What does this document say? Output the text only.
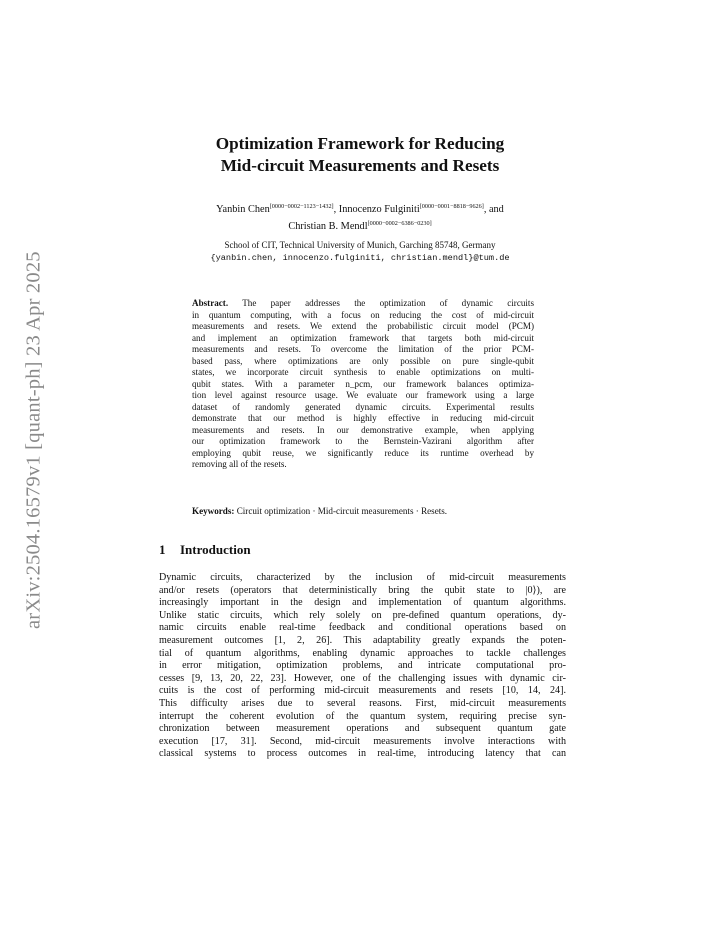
arXiv:2504.16579v1 [quant-ph] 23 Apr 2025
Optimization Framework for Reducing
Mid-circuit Measurements and Resets
Yanbin Chen[0000−0002−1123−1432], Innocenzo Fulginiti[0000−0001−8818−9626], and
Christian B. Mendl[0000−0002−6386−0230]
School of CIT, Technical University of Munich, Garching 85748, Germany
{yanbin.chen, innocenzo.fulginiti, christian.mendl}@tum.de
Abstract. The paper addresses the optimization of dynamic circuits
in quantum computing, with a focus on reducing the cost of mid-circuit
measurements and resets. We extend the probabilistic circuit model (PCM)
and implement an optimization framework that targets both mid-circuit
measurements and resets. To overcome the limitation of the prior PCM-
based pass, where optimizations are only possible on pure single-qubit
states, we incorporate circuit synthesis to enable optimizations on multi-
qubit states. With a parameter n_pcm, our framework balances optimiza-
tion level against resource usage. We evaluate our framework using a large
dataset of randomly generated dynamic circuits. Experimental results
demonstrate that our method is highly effective in reducing mid-circuit
measurements and resets. In our demonstrative example, when applying
our optimization framework to the Bernstein-Vazirani algorithm after
employing qubit reuse, we significantly reduce its runtime overhead by
removing all of the resets.
Keywords: Circuit optimization · Mid-circuit measurements · Resets.
1 Introduction
Dynamic circuits, characterized by the inclusion of mid-circuit measurements
and/or resets (operators that deterministically bring the qubit state to |0⟩), are
increasingly important in the design and implementation of quantum algorithms.
Unlike static circuits, which rely solely on pre-defined quantum operations, dy-
namic circuits enable real-time feedback and conditional operations based on
measurement outcomes [1, 2, 26]. This adaptability greatly expands the poten-
tial of quantum algorithms, enabling dynamic approaches to tackle challenges
in error mitigation, optimization problems, and intricate computational pro-
cesses [9, 13, 20, 22, 23]. However, one of the challenging issues with dynamic cir-
cuits is the cost of performing mid-circuit measurements and resets [10, 14, 24].
This difficulty arises due to several reasons. First, mid-circuit measurements
interrupt the coherent evolution of the quantum system, requiring precise syn-
chronization between measurement operations and subsequent quantum gate
execution [17, 31]. Second, mid-circuit measurements involve interactions with
classical systems to process outcomes in real-time, introducing latency that can
